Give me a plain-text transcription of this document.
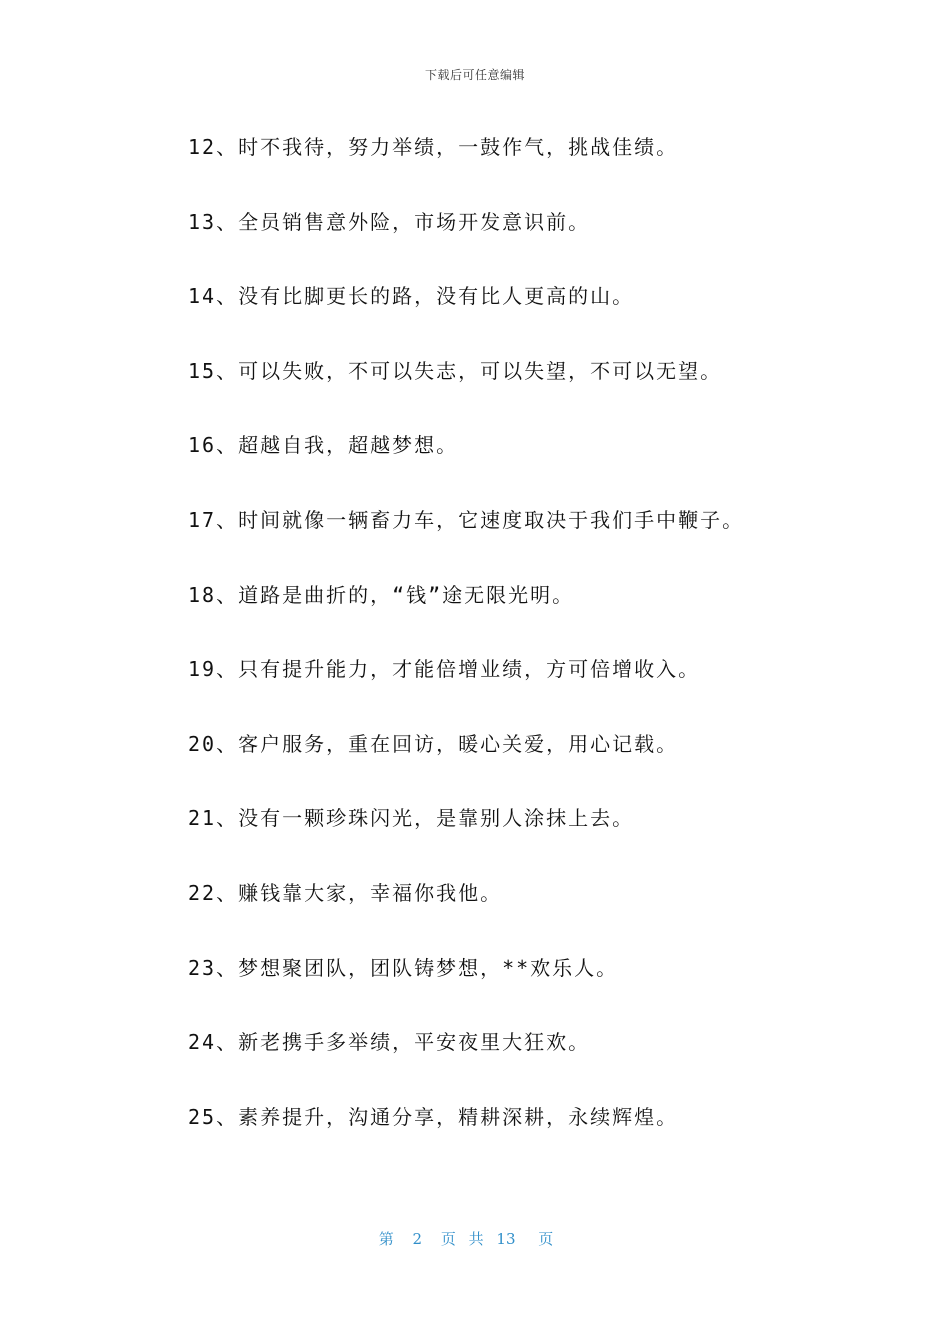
下载后可任意编辑
12、时不我待，努力举绩，一鼓作气，挑战佳绩。
13、全员销售意外险，市场开发意识前。
14、没有比脚更长的路，没有比人更高的山。
15、可以失败，不可以失志，可以失望，不可以无望。
16、超越自我，超越梦想。
17、时间就像一辆畜力车，它速度取决于我们手中鞭子。
18、道路是曲折的，“钱”途无限光明。
19、只有提升能力，才能倍增业绩，方可倍增收入。
20、客户服务，重在回访，暖心关爱，用心记载。
21、没有一颗珍珠闪光，是靠别人涂抹上去。
22、赚钱靠大家，幸福你我他。
23、梦想聚团队，团队铸梦想，**欢乐人。
24、新老携手多举绩，平安夜里大狂欢。
25、素养提升，沟通分享，精耕深耕，永续辉煌。
第 2 页 共 13 页
